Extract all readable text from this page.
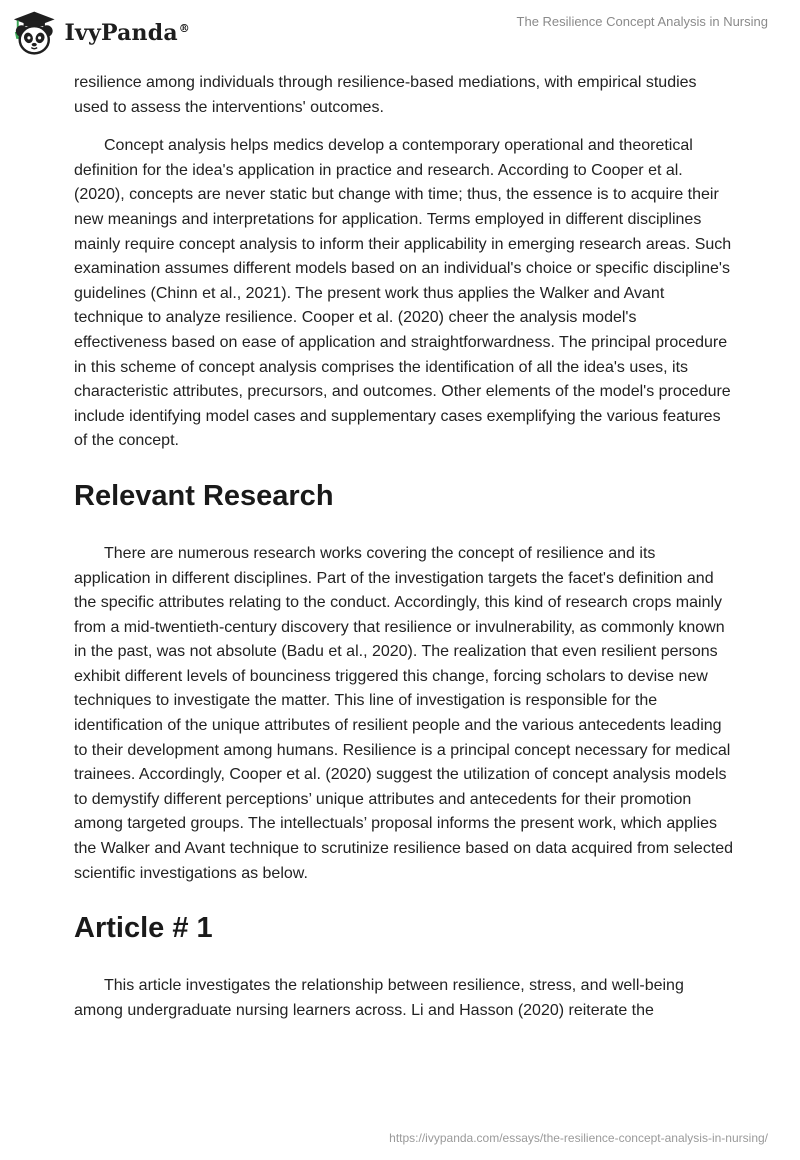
IvyPanda®	The Resilience Concept Analysis in Nursing

resilience among individuals through resilience-based mediations, with empirical studies used to assess the interventions' outcomes.

Concept analysis helps medics develop a contemporary operational and theoretical definition for the idea's application in practice and research. According to Cooper et al. (2020), concepts are never static but change with time; thus, the essence is to acquire their new meanings and interpretations for application. Terms employed in different disciplines mainly require concept analysis to inform their applicability in emerging research areas. Such examination assumes different models based on an individual's choice or specific discipline's guidelines (Chinn et al., 2021). The present work thus applies the Walker and Avant technique to analyze resilience. Cooper et al. (2020) cheer the analysis model's effectiveness based on ease of application and straightforwardness. The principal procedure in this scheme of concept analysis comprises the identification of all the idea's uses, its characteristic attributes, precursors, and outcomes. Other elements of the model's procedure include identifying model cases and supplementary cases exemplifying the various features of the concept.

Relevant Research

There are numerous research works covering the concept of resilience and its application in different disciplines. Part of the investigation targets the facet's definition and the specific attributes relating to the conduct. Accordingly, this kind of research crops mainly from a mid-twentieth-century discovery that resilience or invulnerability, as commonly known in the past, was not absolute (Badu et al., 2020). The realization that even resilient persons exhibit different levels of bounciness triggered this change, forcing scholars to devise new techniques to investigate the matter. This line of investigation is responsible for the identification of the unique attributes of resilient people and the various antecedents leading to their development among humans. Resilience is a principal concept necessary for medical trainees. Accordingly, Cooper et al. (2020) suggest the utilization of concept analysis models to demystify different perceptions’ unique attributes and antecedents for their promotion among targeted groups. The intellectuals’ proposal informs the present work, which applies the Walker and Avant technique to scrutinize resilience based on data acquired from selected scientific investigations as below.

Article # 1

This article investigates the relationship between resilience, stress, and well-being among undergraduate nursing learners across. Li and Hasson (2020) reiterate the

https://ivypanda.com/essays/the-resilience-concept-analysis-in-nursing/
